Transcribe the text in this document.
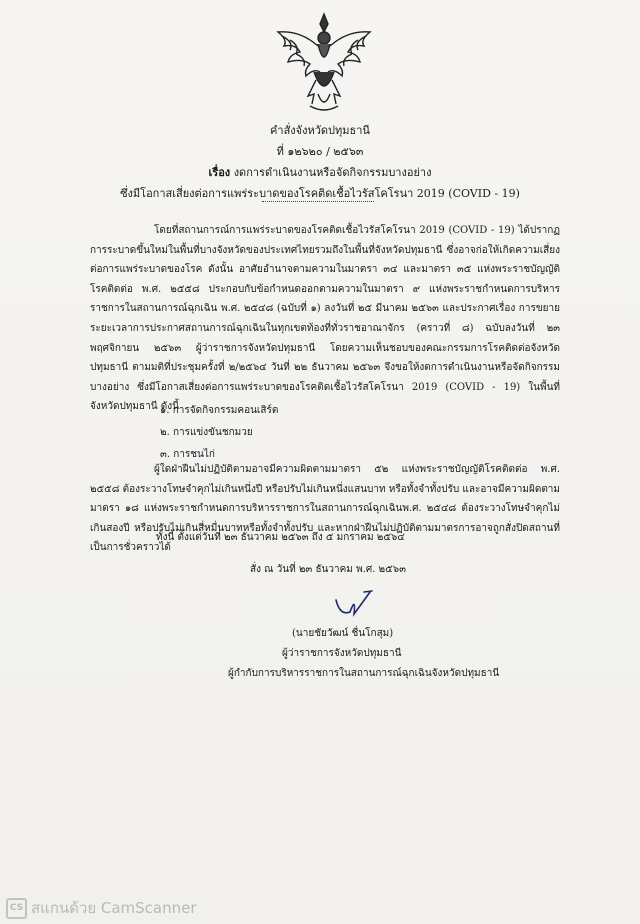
คำสั่งจังหวัดปทุมธานี
ที่ ๑๒๖๒๐ / ๒๕๖๓
เรื่อง งดการดำเนินงานหรือจัดกิจกรรมบางอย่าง
ซึ่งมีโอกาสเสี่ยงต่อการแพร่ระบาดของโรคติดเชื้อไวรัสโคโรนา 2019 (COVID - 19)

โดยที่สถานการณ์การแพร่ระบาดของโรคติดเชื้อไวรัสโคโรนา 2019 (COVID - 19) ได้ปรากฏการระบาดขึ้นใหม่ในพื้นที่บางจังหวัดของประเทศไทยรวมถึงในพื้นที่จังหวัดปทุมธานี ซึ่งอาจก่อให้เกิดความเสี่ยงต่อการแพร่ระบาดของโรค ดังนั้น อาศัยอำนาจตามความในมาตรา ๓๔ และมาตรา ๓๕ แห่งพระราชบัญญัติโรคติดต่อ พ.ศ. ๒๕๕๘ ประกอบกับข้อกำหนดออกตามความในมาตรา ๙ แห่งพระราชกำหนดการบริหารราชการในสถานการณ์ฉุกเฉิน พ.ศ. ๒๕๔๘ (ฉบับที่ ๑) ลงวันที่ ๒๕ มีนาคม ๒๕๖๓ และประกาศเรื่อง การขยายระยะเวลาการประกาศสถานการณ์ฉุกเฉินในทุกเขตท้องที่ทั่วราชอาณาจักร (คราวที่ ๘) ฉบับลงวันที่ ๒๓ พฤศจิกายน ๒๕๖๓ ผู้ว่าราชการจังหวัดปทุมธานี โดยความเห็นชอบของคณะกรรมการโรคติดต่อจังหวัดปทุมธานี ตามมติที่ประชุมครั้งที่ ๒/๒๕๖๔ วันที่ ๒๒ ธันวาคม ๒๕๖๓ จึงขอให้งดการดำเนินงานหรือจัดกิจกรรมบางอย่าง ซึ่งมีโอกาสเสี่ยงต่อการแพร่ระบาดของโรคติดเชื้อไวรัสโคโรนา 2019 (COVID - 19) ในพื้นที่จังหวัดปทุมธานี ดังนี้

๑. การจัดกิจกรรมคอนเสิร์ต
๒. การแข่งขันชกมวย
๓. การชนไก่

ผู้ใดฝ่าฝืนไม่ปฏิบัติตามอาจมีความผิดตามมาตรา ๕๒ แห่งพระราชบัญญัติโรคติดต่อ พ.ศ. ๒๕๕๘ ต้องระวางโทษจำคุกไม่เกินหนึ่งปี หรือปรับไม่เกินหนึ่งแสนบาท หรือทั้งจำทั้งปรับ และอาจมีความผิดตามมาตรา ๑๘ แห่งพระราชกำหนดการบริหารราชการในสถานการณ์ฉุกเฉินพ.ศ. ๒๕๔๘ ต้องระวางโทษจำคุกไม่เกินสองปี หรือปรับไม่เกินสี่หมื่นบาทหรือทั้งจำทั้งปรับ และหากฝ่าฝืนไม่ปฏิบัติตามมาตรการอาจถูกสั่งปิดสถานที่เป็นการชั่วคราวได้

ทั้งนี้ ตั้งแต่วันที่ ๒๓ ธันวาคม ๒๕๖๓ ถึง ๕ มกราคม ๒๕๖๔
สั่ง ณ วันที่ ๒๓ ธันวาคม พ.ศ. ๒๕๖๓
(นายชัยวัฒน์ ชื่นโกสุม)
ผู้ว่าราชการจังหวัดปทุมธานี
ผู้กำกับการบริหารราชการในสถานการณ์ฉุกเฉินจังหวัดปทุมธานี
CS สแกนด้วย CamScanner
